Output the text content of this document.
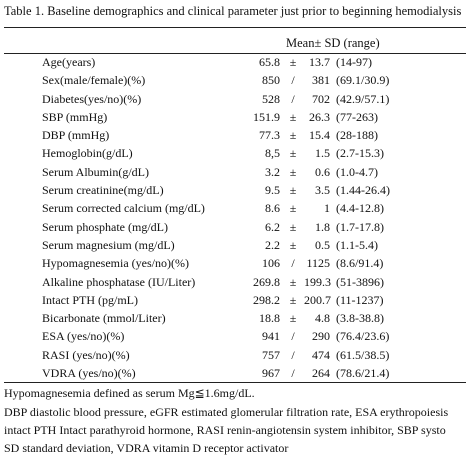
Table 1. Baseline demographics and clinical parameter just prior to beginning hemodialysis
Mean± SD (range)
Age(years)	65.8 ±	13.7 (14-97)
Sex(male/female)(%)	850 /	381 (69.1/30.9)
Diabetes(yes/no)(%)	528 /	702 (42.9/57.1)
SBP (mmHg)	151.9 ±	26.3 (77-263)
DBP (mmHg)	77.3 ±	15.4 (28-188)
Hemoglobin(g/dL)	8,5 ±	1.5 (2.7-15.3)
Serum Albumin(g/dL)	3.2 ±	0.6 (1.0-4.7)
Serum creatinine(mg/dL)	9.5 ±	3.5 (1.44-26.4)
Serum corrected calcium (mg/dL)	8.6 ±	1 (4.4-12.8)
Serum phosphate (mg/dL)	6.2 ±	1.8 (1.7-17.8)
Serum magnesium (mg/dL)	2.2 ±	0.5 (1.1-5.4)
Hypomagnesemia (yes/no)(%)	106 / 1125 (8.6/91.4)
Alkaline phosphatase (IU/Liter)	269.8 ± 199.3 (51-3896)
Intact PTH (pg/mL)	298.2 ± 200.7 (11-1237)
Bicarbonate (mmol/Liter)	18.8 ±	4.8 (3.8-38.8)
ESA (yes/no)(%)	941 /	290 (76.4/23.6)
RASI (yes/no)(%)	757 /	474 (61.5/38.5)
VDRA (yes/no)(%)	967 /	264 (78.6/21.4)
Hypomagnesemia defined as serum Mg≦1.6mg/dL.
DBP diastolic blood pressure, eGFR estimated glomerular filtration rate, ESA erythropoiesis
intact PTH Intact parathyroid hormone, RASI renin-angiotensin system inhibitor, SBP systo
SD standard deviation, VDRA vitamin D receptor activator
